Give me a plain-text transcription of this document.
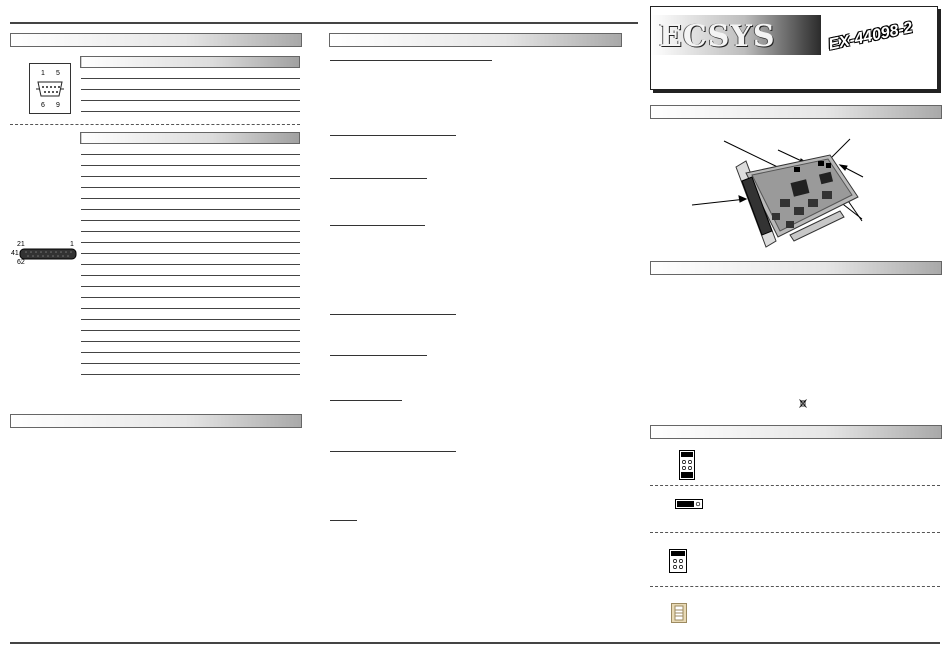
1 5
6 9

21	1
41
62

ECSYS	EX-44098-2
